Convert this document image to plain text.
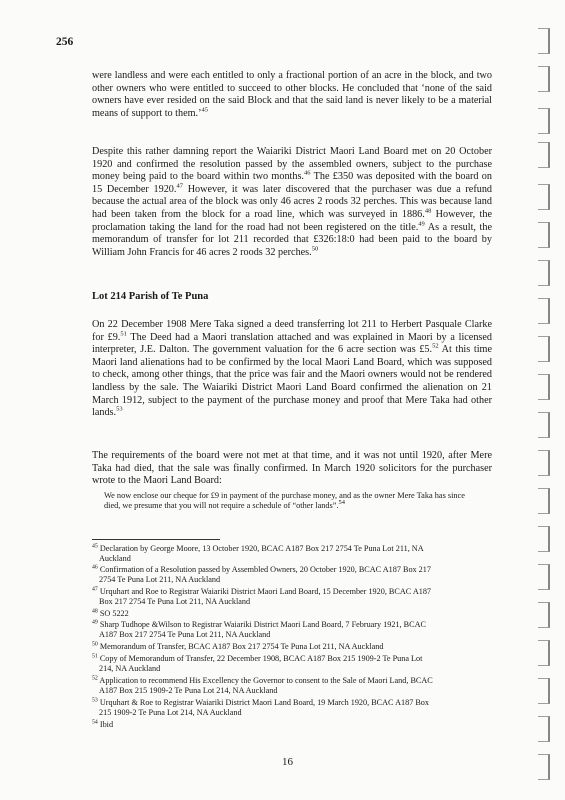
256

were landless and were each entitled to only a fractional portion of an acre in the block, and two other owners who were entitled to succeed to other blocks. He concluded that ‘none of the said owners have ever resided on the said Block and that the said land is never likely to be a material means of support to them.’$^{45}$

Despite this rather damning report the Waiariki District Maori Land Board met on 20 October 1920 and confirmed the resolution passed by the assembled owners, subject to the purchase money being paid to the board within two months.$^{46}$ The £350 was deposited with the board on 15 December 1920.47 However, it was later discovered that the purchaser was due a refund because the actual area of the block was only 46 acres 2 roods 32 perches. This was because land had been taken from the block for a road line, which was surveyed in 1886.48 However, the proclamation taking the land for the road had not been registered on the title.$^{49}$ As a result, the memorandum of transfer for lot 211 recorded that £326:18:0 had been paid to the board by William John Francis for 46 acres 2 roods 32 perches.$^{50}$

Lot 214 Parish of Te Puna

On 22 December 1908 Mere Taka signed a deed transferring lot 211 to Herbert Pasquale Clarke for £9.51 The Deed had a Maori translation attached and was explained in Maori by a licensed interpreter, J.E. Dalton. The government valuation for the 6 acre section was £5.52 At this time Maori land alienations had to be confirmed by the local Maori Land Board, which was supposed to check, among other things, that the price was fair and the Maori owners would not be rendered landless by the sale. The Waiariki District Maori Land Board confirmed the alienation on 21 March 1912, subject to the payment of the purchase money and proof that Mere Taka had other lands.$^{53}$

The requirements of the board were not met at that time, and it was not until 1920, after Mere Taka had died, that the sale was finally confirmed. In March 1920 solicitors for the purchaser wrote to the Maori Land Board:

We now enclose our cheque for £9 in payment of the purchase money, and as the owner Mere Taka has since died, we presume that you will not require a schedule of “other lands”.$^{54}$
$^{45}$ Declaration by George Moore, 13 October 1920, BCAC A187 Box 217 2754 Te Puna Lot 211, NA
Auckland
$^{46}$ Confirmation of a Resolution passed by Assembled Owners, 20 October 1920, BCAC A187 Box 217
2754 Te Puna Lot 211, NA Auckland
$^{47}$ Urquhart and Roe to Registrar Waiariki District Maori Land Board, 15 December 1920, BCAC A187
Box 217 2754 Te Puna Lot 211, NA Auckland
$^{48}$ SO 5222
$^{49}$ Sharp Tudhope &Wilson to Registrar Waiariki District Maori Land Board, 7 February 1921, BCAC
A187 Box 217 2754 Te Puna Lot 211, NA Auckland
$^{50}$ Memorandum of Transfer, BCAC A187 Box 217 2754 Te Puna Lot 211, NA Auckland
$^{51}$ Copy of Memorandum of Transfer, 22 December 1908, BCAC A187 Box 215 1909-2 Te Puna Lot
214, NA Auckland
$^{52}$ Application to recommend His Excellency the Governor to consent to the Sale of Maori Land, BCAC
A187 Box 215 1909-2 Te Puna Lot 214, NA Auckland
$^{53}$ Urquhart & Roe to Registrar Waiariki District Maori Land Board, 19 March 1920, BCAC A187 Box
215 1909-2 Te Puna Lot 214, NA Auckland
$^{54}$ Ibid
16
